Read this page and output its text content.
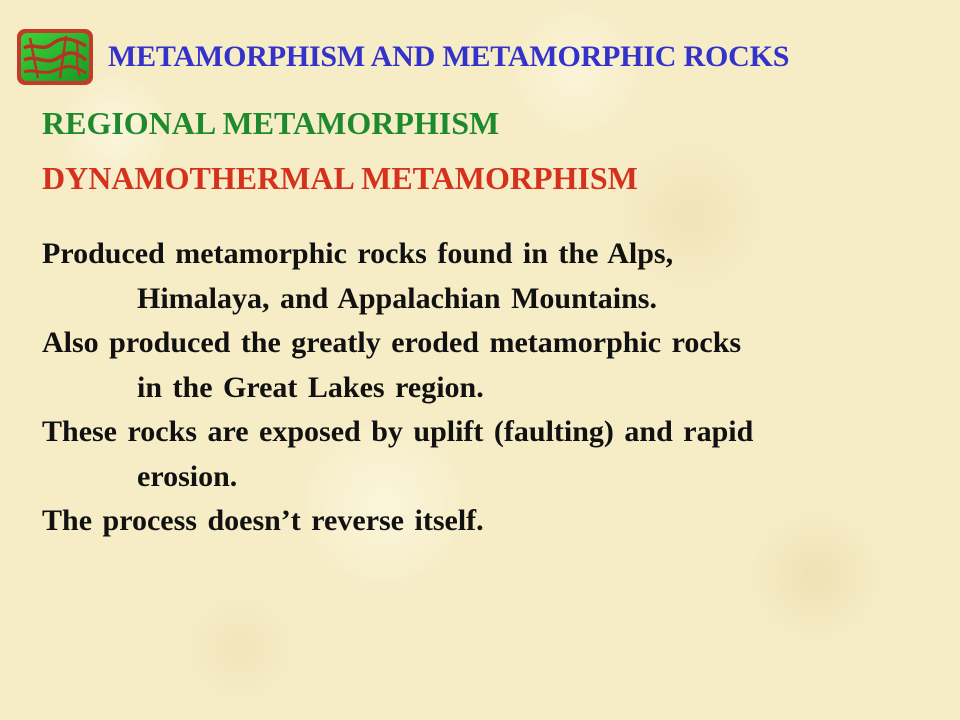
METAMORPHISM AND METAMORPHIC ROCKS
REGIONAL METAMORPHISM
DYNAMOTHERMAL METAMORPHISM
Produced metamorphic rocks found in the Alps,
Himalaya, and Appalachian Mountains.
Also produced the greatly eroded metamorphic rocks
in the Great Lakes region.
These rocks are exposed by uplift (faulting) and rapid
erosion.
The process doesn’t reverse itself.
